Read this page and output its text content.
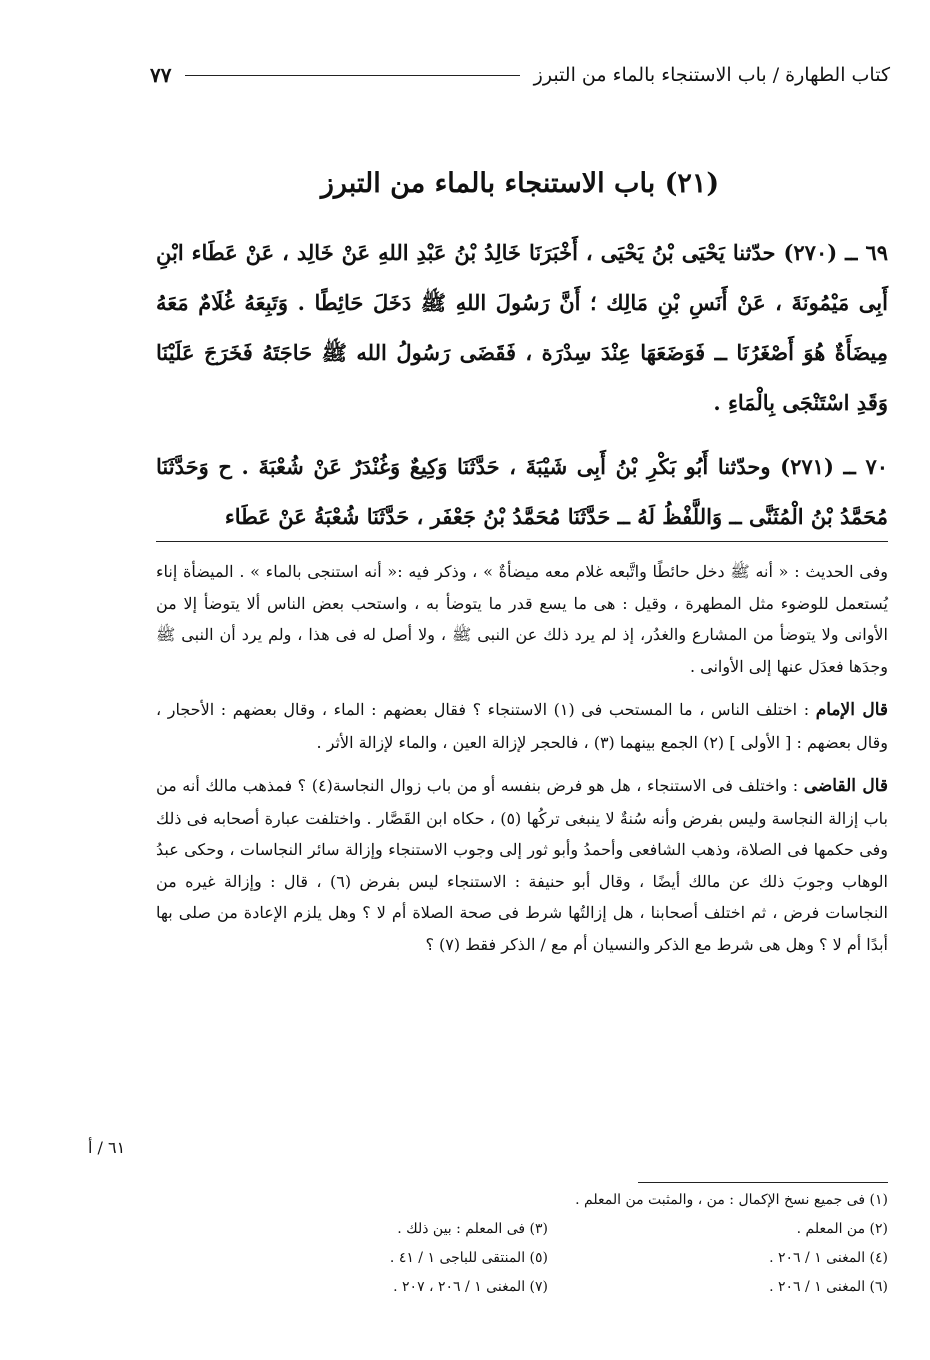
كتاب الطهارة / باب الاستنجاء بالماء من التبرز
٧٧
(٢١) باب الاستنجاء بالماء من التبرز

٦٩ ــ (٢٧٠) حدّثنا يَحْيَى بْنُ يَحْيَى ، أَخْبَرَنَا خَالِدُ بْنُ عَبْدِ اللهِ عَنْ خَالِد ، عَنْ عَطَاء ابْنِ أَبِى مَيْمُونَةَ ، عَنْ أَنَسِ بْنِ مَالِك ؛ أَنَّ رَسُولَ اللهِ ﷺ دَخَلَ حَائِطًا . وَتَبِعَهُ غُلَامٌ مَعَهُ مِيضَأَةٌ هُوَ أَصْغَرُنَا ــ فَوَضَعَهَا عِنْدَ سِدْرَة ، فَقَضَى رَسُولُ الله ﷺ حَاجَتَهُ فَخَرَجَ عَلَيْنَا وَقَدِ اسْتَنْجَى بِالْمَاءِ .

٧٠ ــ (٢٧١) وحدّثنا أَبُو بَكْرِ بْنُ أَبِى شَيْبَةَ ، حَدَّثَنَا وَكِيعٌ وَغُنْدَرٌ عَنْ شُعْبَةَ . ح وَحَدَّثَنَا مُحَمَّدُ بْنُ الْمُثَنَّى ــ وَاللَّفْظُ لَهُ ــ حَدَّثَنَا مُحَمَّدُ بْنُ جَعْفَر ، حَدَّثَنَا شُعْبَةُ عَنْ عَطَاء

وفى الحديث : « أنه ﷺ دخل حائطًا واتَّبعه غلام معه ميضأةٌ » ، وذكر فيه :« أنه استنجى بالماء » . الميضأة إناء يُستعمل للوضوء مثل المطهرة ، وقيل : هى ما يسع قدر ما يتوضأ به ، واستحب بعض الناس ألا يتوضأ إلا من الأوانى ولا يتوضأ من المشارع والغدُر، إذ لم يرد ذلك عن النبى ﷺ ، ولا أصل له فى هذا ، ولم يرد أن النبى ﷺ وجدَها فعدَل عنها إلى الأوانى .

قال الإمام : اختلف الناس ، ما المستحب فى (١) الاستنجاء ؟ فقال بعضهم : الماء ، وقال بعضهم : الأحجار ، وقال بعضهم : [ الأولى ] (٢) الجمع بينهما (٣) ، فالحجر لإزالة العين ، والماء لإزالة الأثر .

قال القاضى : واختلف فى الاستنجاء ، هل هو فرض بنفسه أو من باب زوال النجاسة(٤) ؟ فمذهب مالك أنه من باب إزالة النجاسة وليس بفرض وأنه سُنةٌ لا ينبغى تركُها (٥) ، حكاه ابن القَصَّار . واختلفت عبارة أصحابه فى ذلك وفى حكمها فى الصلاة، وذهب الشافعى وأحمدُ وأبو ثور إلى وجوب الاستنجاء وإزالة سائر النجاسات ، وحكى عبدُ الوهاب وجوبَ ذلك عن مالك أيضًا ، وقال أبو حنيفة : الاستنجاء ليس بفرض (٦) ، قال : وإزالة غيره من النجاسات فرض ، ثم اختلف أصحابنا ، هل إزالتُها شرط فى صحة الصلاة أم لا ؟ وهل يلزم الإعادة من صلى بها أبدًا أم لا ؟ وهل هى شرط مع الذكر والنسيان أم مع / الذكر فقط (٧) ؟

٦١ / أ
(١) فى جميع نسخ الإكمال : من ، والمثبت من المعلم .
(٢) من المعلم .
(٣) فى المعلم : بين ذلك .
(٤) المغنى ١ / ٢٠٦ .
(٥) المنتقى للباجى ١ / ٤١ .
(٦) المغنى ١ / ٢٠٦ .
(٧) المغنى ١ / ٢٠٦ ، ٢٠٧ .
